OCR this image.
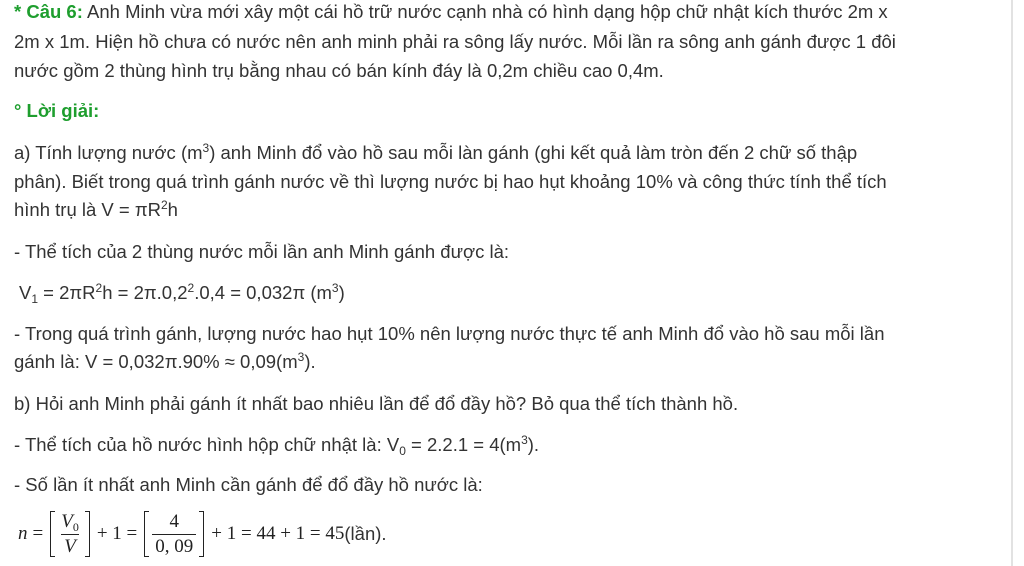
* Câu 6: Anh Minh vừa mới xây một cái hồ trữ nước cạnh nhà có hình dạng hộp chữ nhật kích thước 2m x
2m x 1m. Hiện hồ chưa có nước nên anh minh phải ra sông lấy nước. Mỗi lần ra sông anh gánh được 1 đôi
nước gồm 2 thùng hình trụ bằng nhau có bán kính đáy là 0,2m chiều cao 0,4m.
° Lời giải:
a) Tính lượng nước $(m^3)$ anh Minh đổ vào hồ sau mỗi làn gánh (ghi kết quả làm tròn đến 2 chữ số thập
phân). Biết trong quá trình gánh nước về thì lượng nước bị hao hụt khoảng 10% và công thức tính thể tích
hình trụ là $V = \pi R^2h$
- Thể tích của 2 thùng nước mỗi lần anh Minh gánh được là:
$V_1 = 2\pi R^2h = 2\pi.0,2^2.0,4 = 0,032\pi$ $(m^3)$
- Trong quá trình gánh, lượng nước hao hụt 10% nên lượng nước thực tế anh Minh đổ vào hồ sau mỗi lần
gánh là: $V = 0,032\pi.90\% \approx 0,09(m^3)$.
b) Hỏi anh Minh phải gánh ít nhất bao nhiêu lần để đổ đầy hồ? Bỏ qua thể tích thành hồ.
- Thể tích của hồ nước hình hộp chữ nhật là: $V_0 = 2.2.1 = 4(m^3)$.
- Số lần ít nhất anh Minh cần gánh để đổ đầy hồ nước là:
$n = \frac{V_0}{V} + 1 = \frac{4}{0, 09} + 1 = 44 + 1 = 45$ (lần).
